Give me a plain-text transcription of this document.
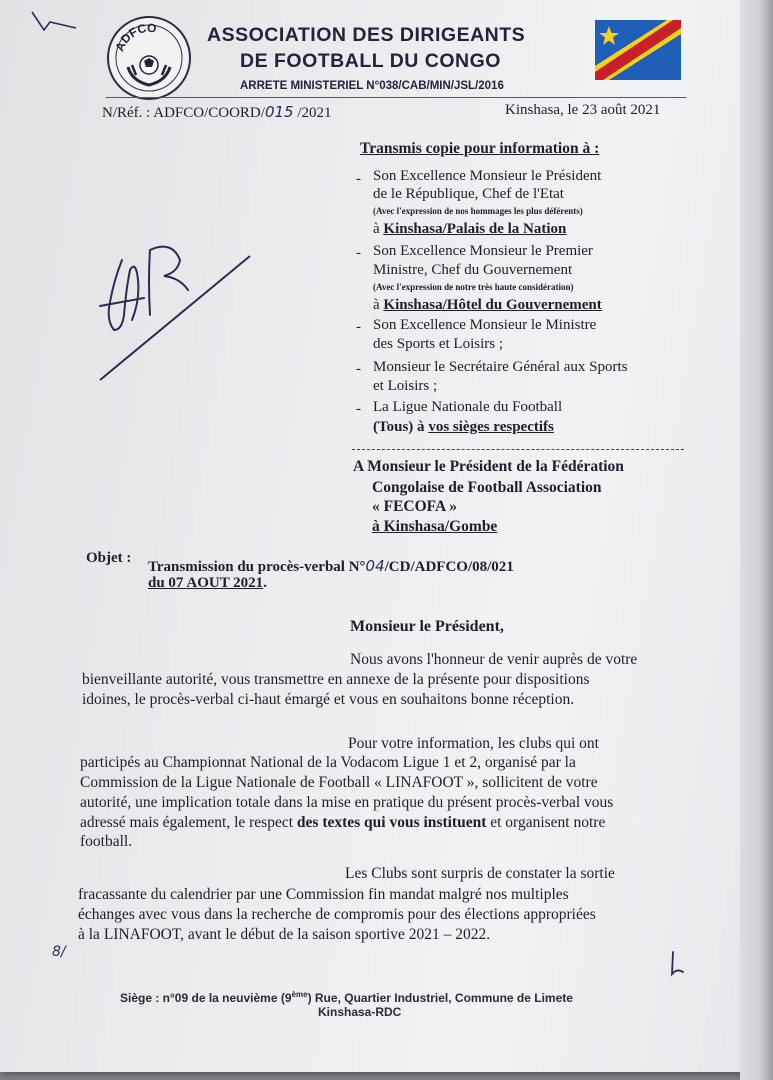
ADFCO	ASSOCIATION DES DIRIGEANTS
DE FOOTBALL DU CONGO
ARRETE MINISTERIEL N°038/CAB/MIN/JSL/2016
N/Réf. : ADFCO/COORD/015 /2021	Kinshasa, le 23 août 2021
Transmis copie pour information à :
- Son Excellence Monsieur le Président
de le République, Chef de l'Etat
(Avec l'expression de nos hommages les plus déférents)
à Kinshasa/Palais de la Nation
- Son Excellence Monsieur le Premier
Ministre, Chef du Gouvernement
(Avec l'expression de notre très haute considération)
à Kinshasa/Hôtel du Gouvernement
- Son Excellence Monsieur le Ministre
des Sports et Loisirs ;
- Monsieur le Secrétaire Général aux Sports
et Loisirs ;
- La Ligue Nationale du Football
(Tous) à vos sièges respectifs
A Monsieur le Président de la Fédération
Congolaise de Football Association
« FECOFA »
à Kinshasa/Gombe
Objet :
Transmission du procès-verbal N°04/CD/ADFCO/08/021
du 07 AOUT 2021.
Monsieur le Président,
Nous avons l'honneur de venir auprès de votre
bienveillante autorité, vous transmettre en annexe de la présente pour dispositions
idoines, le procès-verbal ci-haut émargé et vous en souhaitons bonne réception.
Pour votre information, les clubs qui ont
participés au Championnat National de la Vodacom Ligue 1 et 2, organisé par la
Commission de la Ligue Nationale de Football « LINAFOOT », sollicitent de votre
autorité, une implication totale dans la mise en pratique du présent procès-verbal vous
adressé mais également, le respect des textes qui vous instituent et organisent notre
football.
Les Clubs sont surpris de constater la sortie
fracassante du calendrier par une Commission fin mandat malgré nos multiples
échanges avec vous dans la recherche de compromis pour des élections appropriées
à la LINAFOOT, avant le début de la saison sportive 2021 – 2022.
8/
Siège : n°09 de la neuvième (9ème) Rue, Quartier Industriel, Commune de Limete
Kinshasa-RDC
